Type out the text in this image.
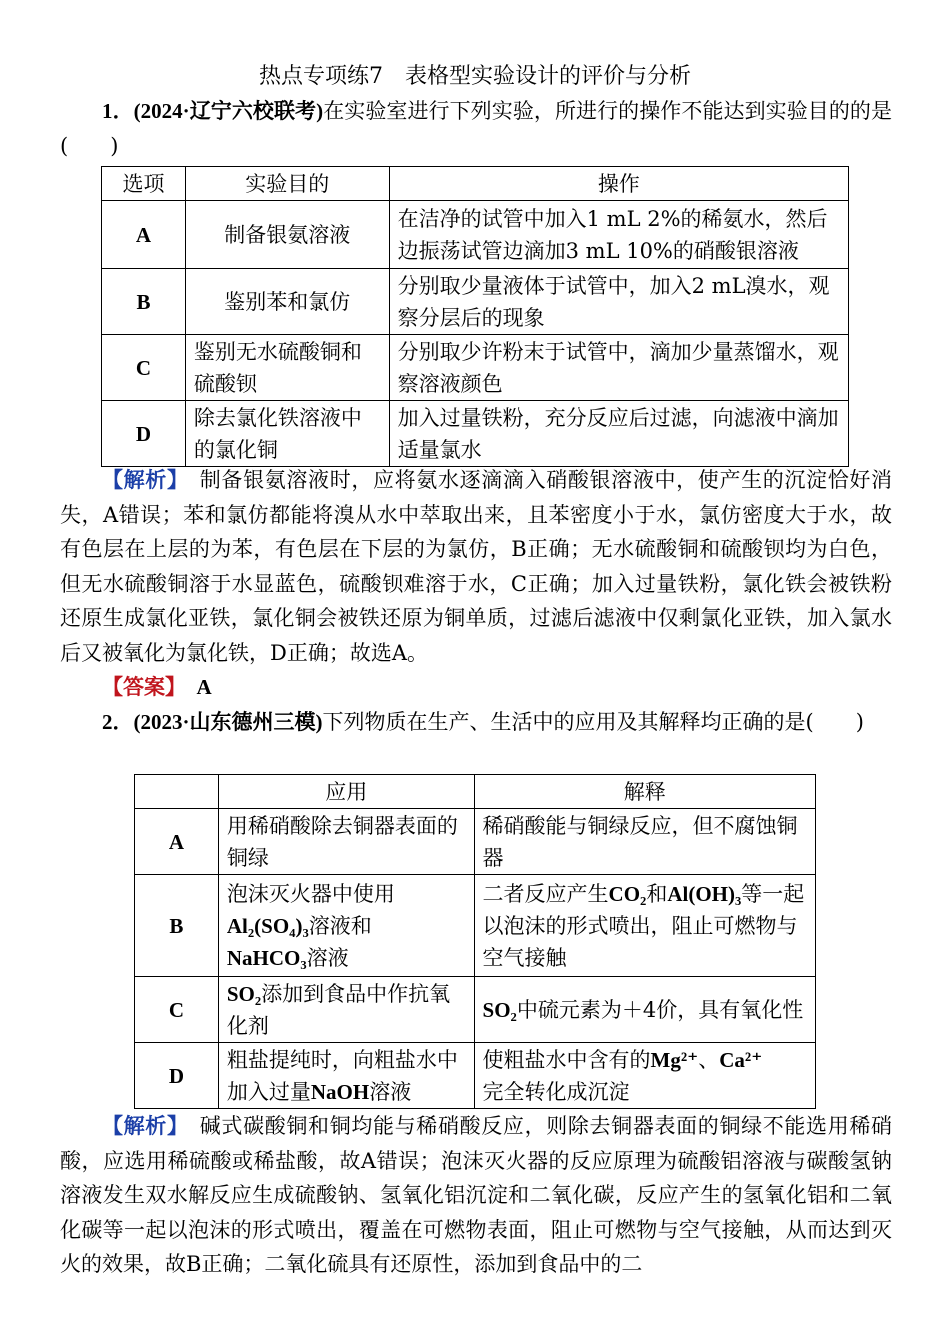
热点专项练7　表格型实验设计的评价与分析
1．(2024·辽宁六校联考)在实验室进行下列实验，所进行的操作不能达到实验目的的是(　　)
选项	实验目的	操作
A	制备银氨溶液	在洁净的试管中加入1 mL 2%的稀氨水，然后边振荡试管边滴加3 mL 10%的硝酸银溶液
B	鉴别苯和氯仿	分别取少量液体于试管中，加入2 mL溴水，观察分层后的现象
C	鉴别无水硫酸铜和硫酸钡	分别取少许粉末于试管中，滴加少量蒸馏水，观察溶液颜色
D	除去氯化铁溶液中的氯化铜	加入过量铁粉，充分反应后过滤，向滤液中滴加适量氯水
【解析】　 制备银氨溶液时，应将氨水逐滴滴入硝酸银溶液中，使产生的沉淀恰好消失，A错误；苯和氯仿都能将溴从水中萃取出来，且苯密度小于水，氯仿密度大于水，故有色层在上层的为苯，有色层在下层的为氯仿，B正确；无水硫酸铜和硫酸钡均为白色，但无水硫酸铜溶于水显蓝色，硫酸钡难溶于水，C正确；加入过量铁粉，氯化铁会被铁粉还原生成氯化亚铁，氯化铜会被铁还原为铜单质，过滤后滤液中仅剩氯化亚铁，加入氯水后又被氧化为氯化铁，D正确；故选A。
【答案】　 A
2．(2023·山东德州三模)下列物质在生产、生活中的应用及其解释均正确的是(　　)
	应用	解释
A	用稀硝酸除去铜器表面的铜绿	稀硝酸能与铜绿反应，但不腐蚀铜器
B	泡沫灭火器中使用
Al₂(SO₄)₃溶液和
NaHCO₃溶液	二者反应产生CO₂和Al(OH)₃等一起以泡沫的形式喷出，阻止可燃物与空气接触
C	SO₂添加到食品中作抗氧化剂	SO₂中硫元素为＋4价，具有氧化性
D	粗盐提纯时，向粗盐水中加入过量NaOH溶液	使粗盐水中含有的Mg²⁺、Ca²⁺
完全转化成沉淀
【解析】　 碱式碳酸铜和铜均能与稀硝酸反应，则除去铜器表面的铜绿不能选用稀硝酸，应选用稀硫酸或稀盐酸，故A错误；泡沫灭火器的反应原理为硫酸铝溶液与碳酸氢钠溶液发生双水解反应生成硫酸钠、氢氧化铝沉淀和二氧化碳，反应产生的氢氧化铝和二氧化碳等一起以泡沫的形式喷出，覆盖在可燃物表面，阻止可燃物与空气接触，从而达到灭火的效果，故B正确；二氧化硫具有还原性，添加到食品中的二
